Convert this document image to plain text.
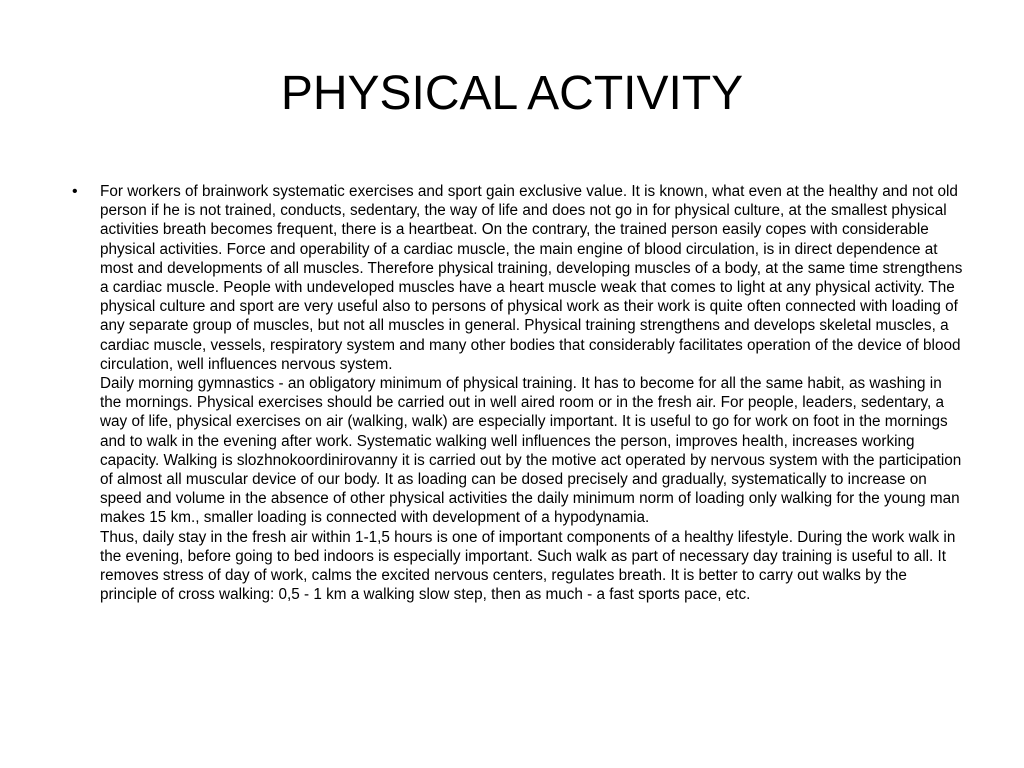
PHYSICAL ACTIVITY
•	For workers of brainwork systematic exercises and sport gain exclusive value. It is known, what even at the healthy and not old person if he is not trained, conducts, sedentary, the way of life and does not go in for physical culture, at the smallest physical activities breath becomes frequent, there is a heartbeat. On the contrary, the trained person easily copes with considerable physical activities. Force and operability of a cardiac muscle, the main engine of blood circulation, is in direct dependence at most and developments of all muscles. Therefore physical training, developing muscles of a body, at the same time strengthens a cardiac muscle. People with undeveloped muscles have a heart muscle weak that comes to light at any physical activity. The physical culture and sport are very useful also to persons of physical work as their work is quite often connected with loading of any separate group of muscles, but not all muscles in general. Physical training strengthens and develops skeletal muscles, a cardiac muscle, vessels, respiratory system and many other bodies that considerably facilitates operation of the device of blood circulation, well influences nervous system.

Daily morning gymnastics - an obligatory minimum of physical training. It has to become for all the same habit, as washing in the mornings. Physical exercises should be carried out in well aired room or in the fresh air. For people, leaders, sedentary, a way of life, physical exercises on air (walking, walk) are especially important. It is useful to go for work on foot in the mornings and to walk in the evening after work. Systematic walking well influences the person, improves health, increases working capacity. Walking is slozhnokoordinirovanny it is carried out by the motive act operated by nervous system with the participation of almost all muscular device of our body. It as loading can be dosed precisely and gradually, systematically to increase on speed and volume in the absence of other physical activities the daily minimum norm of loading only walking for the young man makes 15 km., smaller loading is connected with development of a hypodynamia.

Thus, daily stay in the fresh air within 1-1,5 hours is one of important components of a healthy lifestyle. During the work walk in the evening, before going to bed indoors is especially important. Such walk as part of necessary day training is useful to all. It removes stress of day of work, calms the excited nervous centers, regulates breath. It is better to carry out walks by the principle of cross walking: 0,5 - 1 km a walking slow step, then as much - a fast sports pace, etc.
